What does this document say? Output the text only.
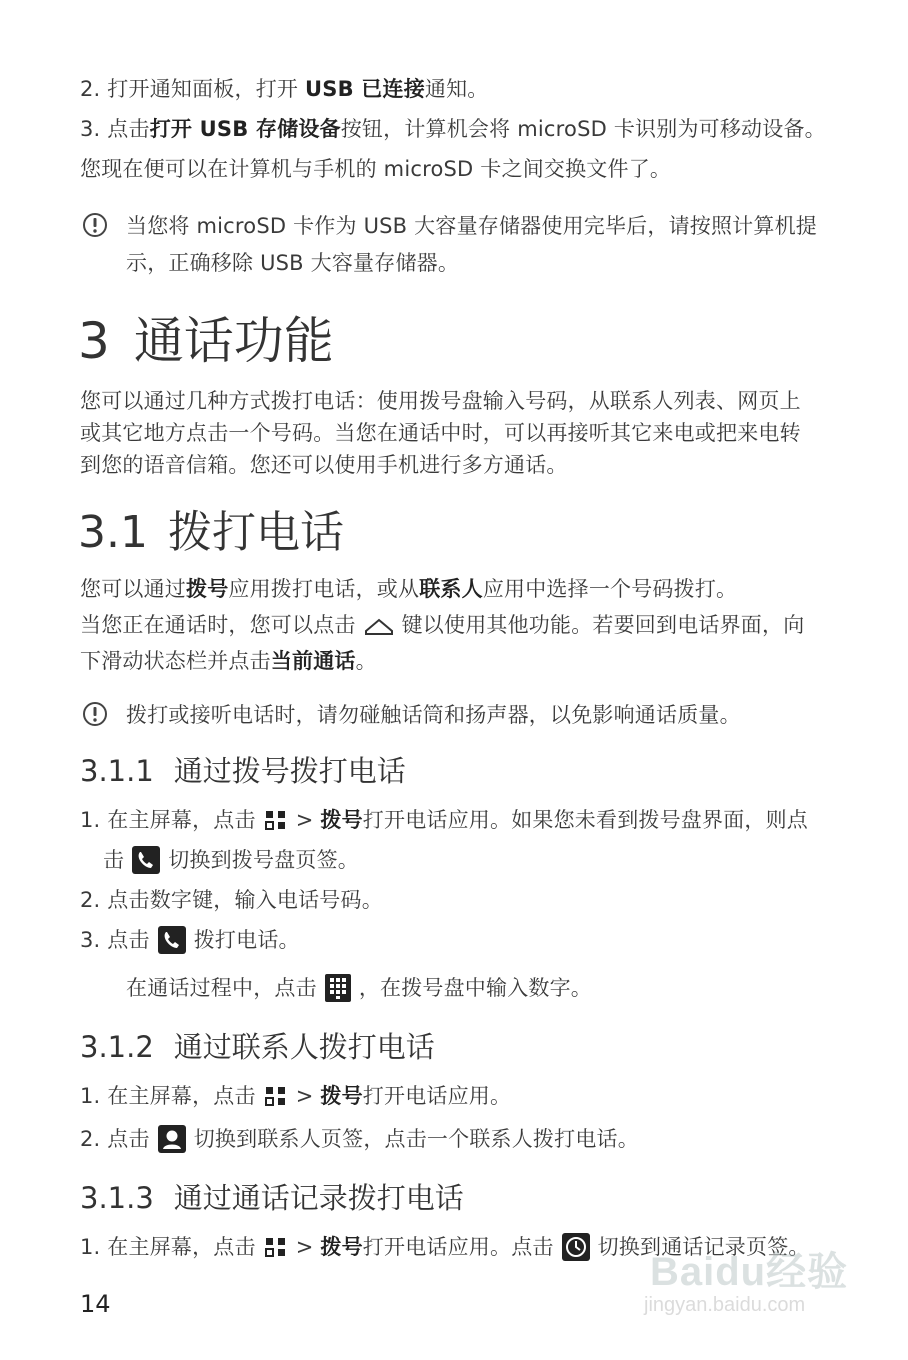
2. 打开通知面板，打开 USB 已连接通知。
3. 点击打开 USB 存储设备按钮，计算机会将 microSD 卡识别为可移动设备。
您现在便可以在计算机与手机的 microSD 卡之间交换文件了。
当您将 microSD 卡作为 USB 大容量存储器使用完毕后，请按照计算机提
示，正确移除 USB 大容量存储器。
3 通话功能
您可以通过几种方式拨打电话：使用拨号盘输入号码，从联系人列表、网页上
或其它地方点击一个号码。当您在通话中时，可以再接听其它来电或把来电转
到您的语音信箱。您还可以使用手机进行多方通话。
3.1 拨打电话
您可以通过拨号应用拨打电话，或从联系人应用中选择一个号码拨打。
当您正在通话时，您可以点击 键以使用其他功能。若要回到电话界面，向
下滑动状态栏并点击当前通话。
拨打或接听电话时，请勿碰触话筒和扬声器，以免影响通话质量。
3.1.1 通过拨号拨打电话
1. 在主屏幕，点击 > 拨号打开电话应用。如果您未看到拨号盘界面，则点
击 切换到拨号盘页签。
2. 点击数字键，输入电话号码。
3. 点击 拨打电话。
在通话过程中，点击 ，在拨号盘中输入数字。
3.1.2 通过联系人拨打电话
1. 在主屏幕，点击 > 拨号打开电话应用。
2. 点击 切换到联系人页签，点击一个联系人拨打电话。
3.1.3 通过通话记录拨打电话
1. 在主屏幕，点击 > 拨号打开电话应用。点击 切换到通话记录页签。
14
Baidu经验
jingyan.baidu.com
